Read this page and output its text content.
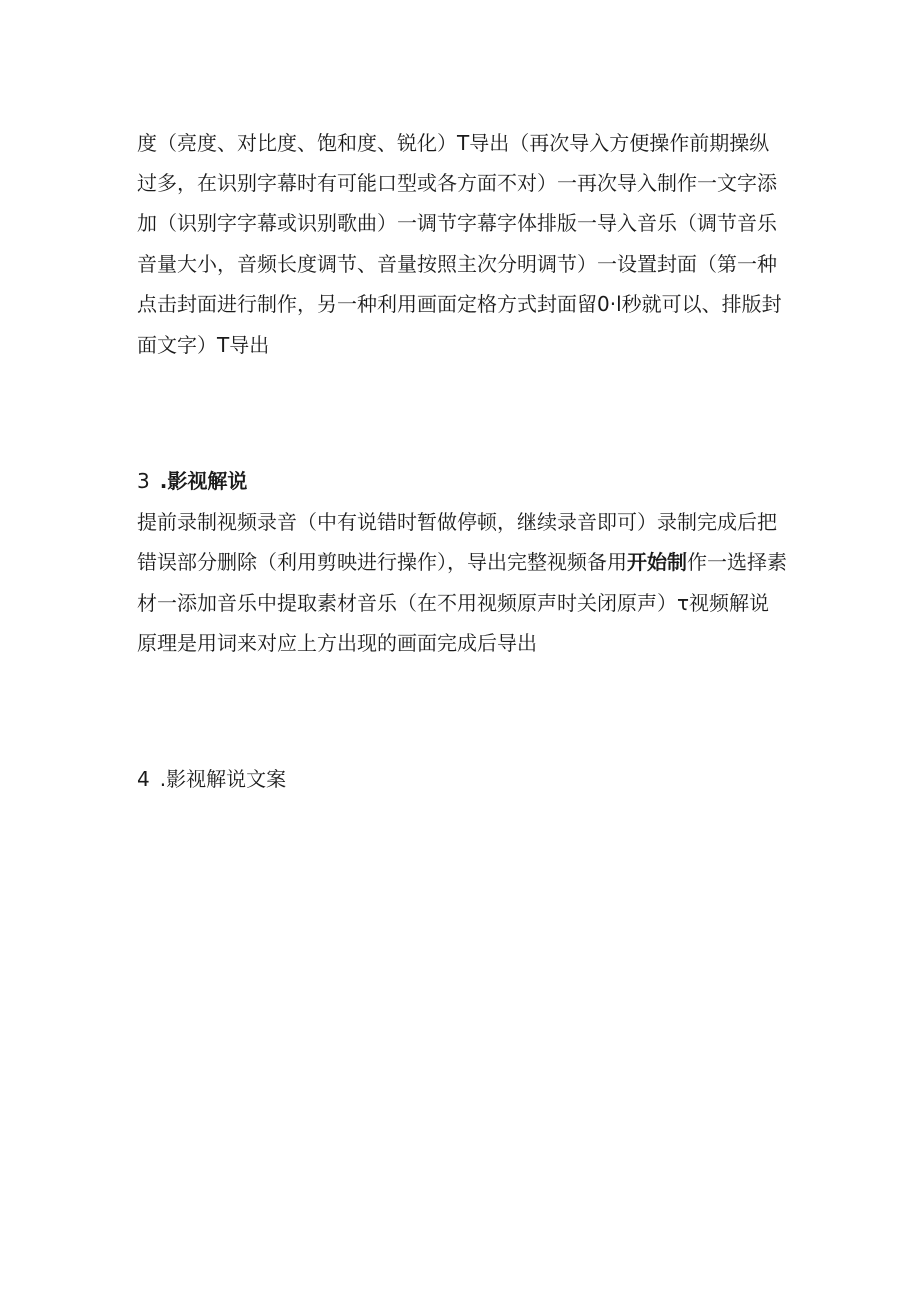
度（亮度、对比度、饱和度、锐化）T导出（再次导入方便操作前期操纵
过多，在识别字幕时有可能口型或各方面不对）一再次导入制作一文字添
加（识别字字幕或识别歌曲）一调节字幕字体排版一导入音乐（调节音乐
音量大小，音频长度调节、音量按照主次分明调节）一设置封面（第一种
点击封面进行制作，另一种利用画面定格方式封面留0·l秒就可以、排版封
面文字）T导出
3 .影视解说
提前录制视频录音（中有说错时暂做停顿，继续录音即可）录制完成后把
错误部分删除（利用剪映进行操作），导出完整视频备用开始制作一选择素
材一添加音乐中提取素材音乐（在不用视频原声时关闭原声）τ视频解说
原理是用词来对应上方出现的画面完成后导出
4 .影视解说文案
